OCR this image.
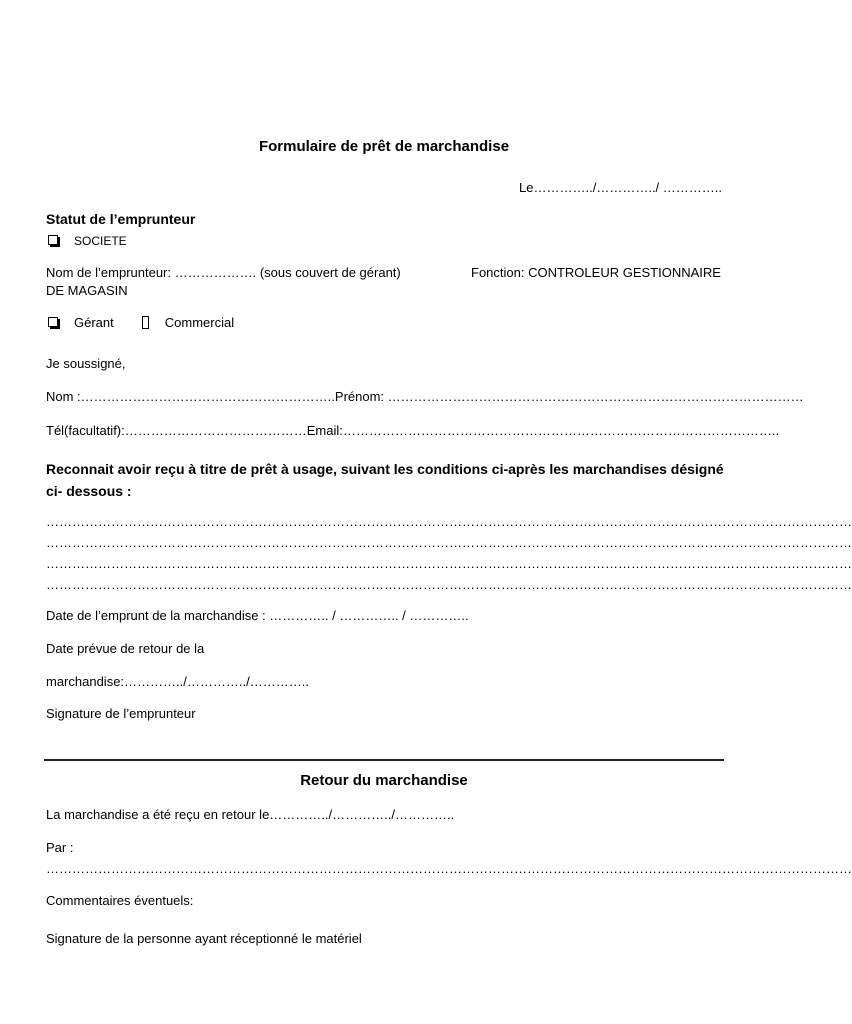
Formulaire de prêt de marchandise
Le…………../…………../ …………..
Statut de l’emprunteur
SOCIETE
Nom de l’emprunteur: ………………. (sous couvert de gérant)	Fonction: CONTROLEUR GESTIONNAIRE
DE MAGASIN
Gérant	Commercial
Je soussigné,
Nom :…………………………………………………..Prénom: ……………………………………………………………………………………
Tél(facultatif):……………………………………Email:………………………………………………………………………………………..
Reconnait avoir reçu à titre de prêt à usage, suivant les conditions ci-après les marchandises désigné
ci- dessous :
……………………………………………………………………………………………………………………………………………………………………
……………………………………………………………………………………………………………………………………………………………………
……………………………………………………………………………………………………………………………………………………………………
……………………………………………………………………………………………………………………………………………………………………
Date de l’emprunt de la marchandise : ………….. / ………….. / …………..
Date prévue de retour de la
marchandise:…………../…………../…………..
Signature de l’emprunteur
Retour du marchandise
La marchandise a été reçu en retour le…………../…………../…………..
Par :
……………………………………………………………………………………………………………………………………………………………………
Commentaires éventuels:
Signature de la personne ayant réceptionné le matériel
